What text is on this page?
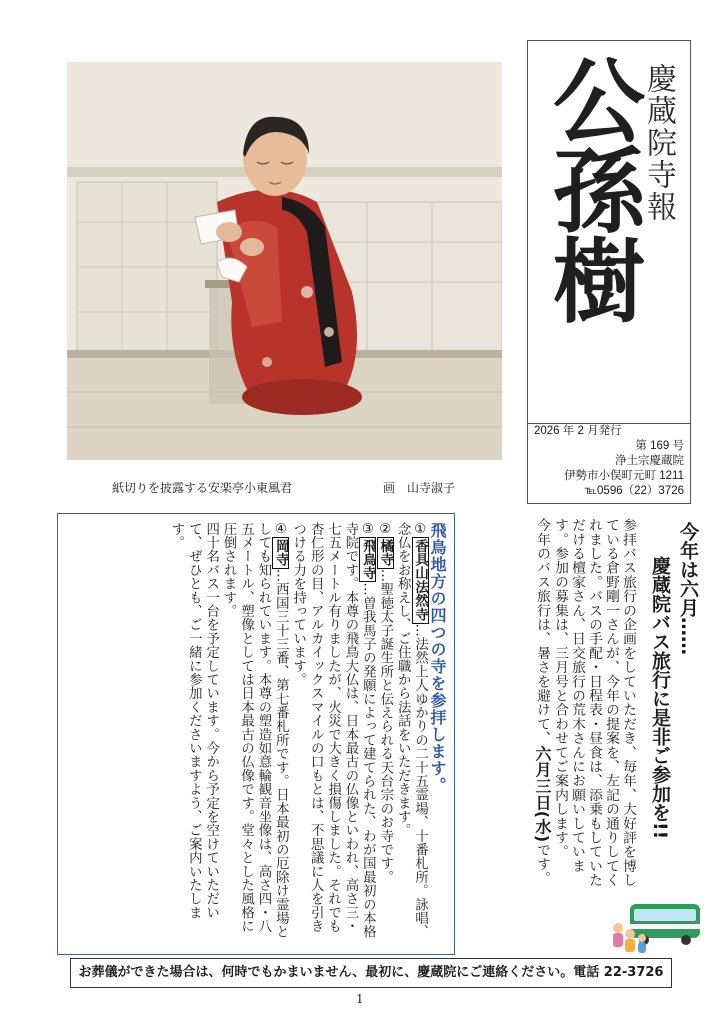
紙切りを披露する安楽亭小東風君	画　山寺淑子
公孫樹
慶蔵院寺報
2026 年 2 月発行
第 169 号
浄土宗慶蔵院
伊勢市小俣町元町 1211
℡0596（22）3726
今年は六月……
慶蔵院バス旅行に是非ご参加を!!
参拝バス旅行の企画をしていただき、毎年、大好評を博している倉野剛一さんが、今年の提案を、左記の通りしてくれました。バスの手配・日程表・昼食は、添乗もしていただける檀家さん、日交旅行の荒木さんにお願いしています。参加の募集は、三月号と合わせてご案内します。
今年のバス旅行は、暑さを避けて、六月三日(水)です。

飛鳥地方の四つの寺を参拝します。

①香具山法然寺…法然上人ゆかりの二十五霊場、十番札所。詠唱、念仏をお称えし、ご住職から法話をいただきます。

②橘寺…聖徳太子誕生所と伝えられる天台宗のお寺です。

③飛鳥寺…曽我馬子の発願によって建てられた、わが国最初の本格寺院です。本尊の飛鳥大仏は、日本最古の仏像といわれ、高さ三・七五メートル有りましたが、火災で大きく損傷しました。それでも杏仁形の目、アルカイックスマイルの口もとは、不思議に人を引きつける力を持っています。

④岡寺…西国三十三番、第七番札所です。日本最初の厄除け霊場としても知られています。本尊の塑造如意輪観音坐像は、高さ四・八五メートル、塑像としては日本最古の仏像です。堂々とした風格に圧倒されます。

四十名バス一台を予定しています。今から予定を空けていただいて、ぜひとも、ご一緒に参加くださいますよう、ご案内いたします。

お葬儀ができた場合は、何時でもかまいません、最初に、慶蔵院にご連絡ください。電話 22-3726
1
